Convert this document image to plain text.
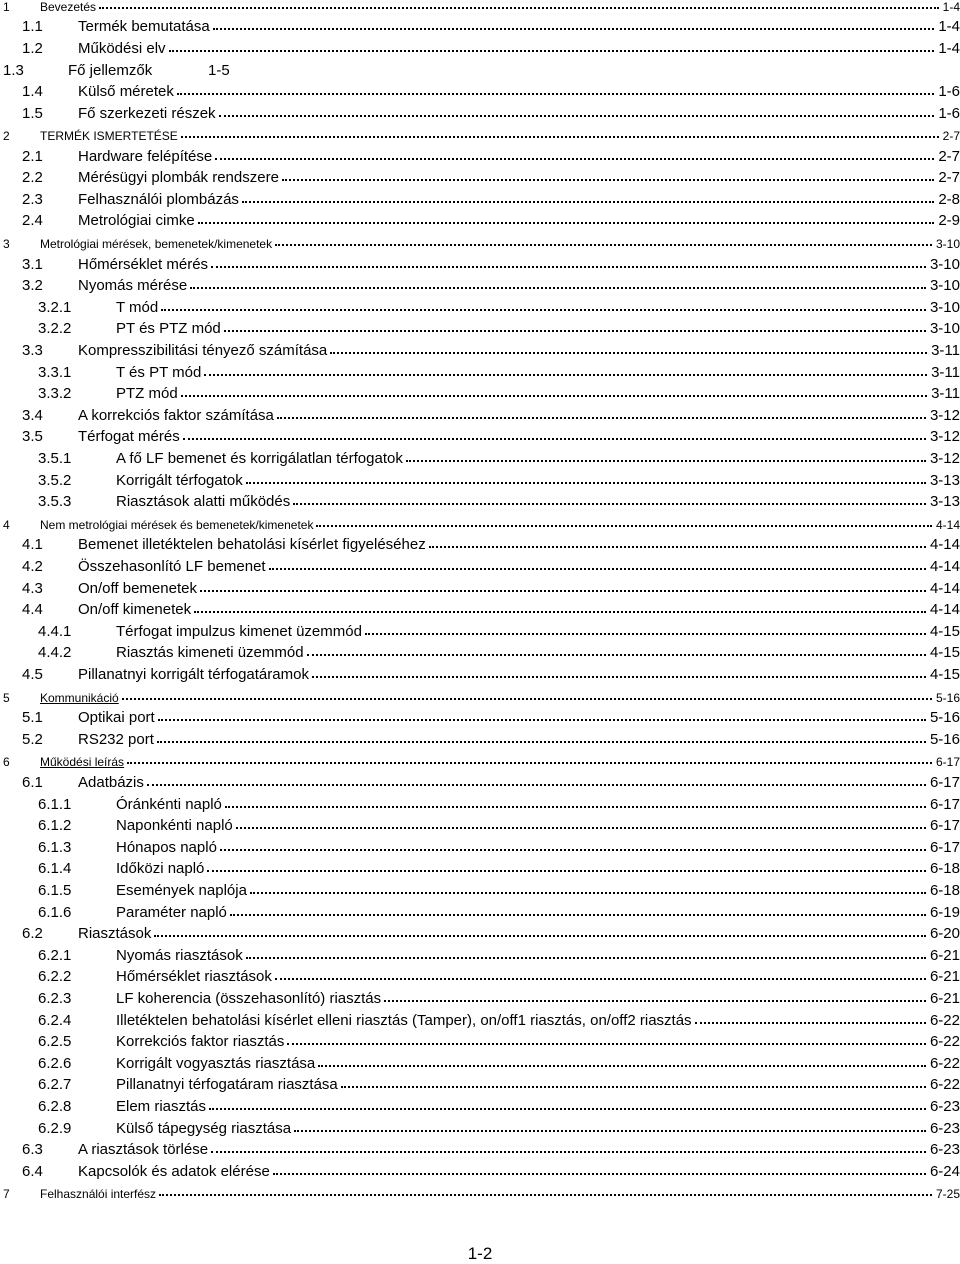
1	Bevezetés	1-4
1.1 Termék bemutatása	1-4
1.2 Működési elv	1-4
1.3	Fő jellemzők	1-5
1.4 Külső méretek	1-6
1.5 Fő szerkezeti részek	1-6
2	TERMÉK ISMERTETÉSE	2-7
2.1 Hardware felépítése	2-7
2.2 Mérésügyi plombák rendszere	2-7
2.3 Felhasználói plombázás	2-8
2.4 Metrológiai cimke	2-9
3	Metrológiai mérések, bemenetek/kimenetek	3-10
3.1 Hőmérséklet mérés	3-10
3.2 Nyomás mérése	3-10
3.2.1	T mód	3-10
3.2.2	PT és PTZ mód	3-10
3.3 Kompresszibilitási tényező számítása	3-11
3.3.1	T és PT mód	3-11
3.3.2	PTZ mód	3-11
3.4 A korrekciós faktor számítása	3-12
3.5 Térfogat mérés	3-12
3.5.1	A fő LF bemenet és korrigálatlan térfogatok	3-12
3.5.2	Korrigált térfogatok	3-13
3.5.3	Riasztások alatti működés	3-13
4	Nem metrológiai mérések és bemenetek/kimenetek	4-14
4.1 Bemenet illetéktelen behatolási kísérlet figyeléséhez	4-14
4.2 Összehasonlító LF bemenet	4-14
4.3 On/off bemenetek	4-14
4.4 On/off kimenetek	4-14
4.4.1	Térfogat impulzus kimenet üzemmód	4-15
4.4.2	Riasztás kimeneti üzemmód	4-15
4.5 Pillanatnyi korrigált térfogatáramok	4-15
5	Kommunikáció	5-16
5.1 Optikai port	5-16
5.2 RS232 port	5-16
6	Működési leírás	6-17
6.1 Adatbázis	6-17
6.1.1	Óránkénti napló	6-17
6.1.2	Naponkénti napló	6-17
6.1.3	Hónapos napló	6-17
6.1.4	Időközi napló	6-18
6.1.5	Események naplója	6-18
6.1.6	Paraméter napló	6-19
6.2 Riasztások	6-20
6.2.1	Nyomás riasztások	6-21
6.2.2	Hőmérséklet riasztások	6-21
6.2.3	LF koherencia (összehasonlító) riasztás	6-21
6.2.4	Illetéktelen behatolási kísérlet elleni riasztás (Tamper), on/off1 riasztás, on/off2 riasztás	6-22
6.2.5	Korrekciós faktor riasztás	6-22
6.2.6	Korrigált vogyasztás riasztása	6-22
6.2.7	Pillanatnyi térfogatáram riasztása	6-22
6.2.8	Elem riasztás	6-23
6.2.9	Külső tápegység riasztása	6-23
6.3 A riasztások törlése	6-23
6.4 Kapcsolók és adatok elérése	6-24
7	Felhasználói interfész	7-25
1-2
